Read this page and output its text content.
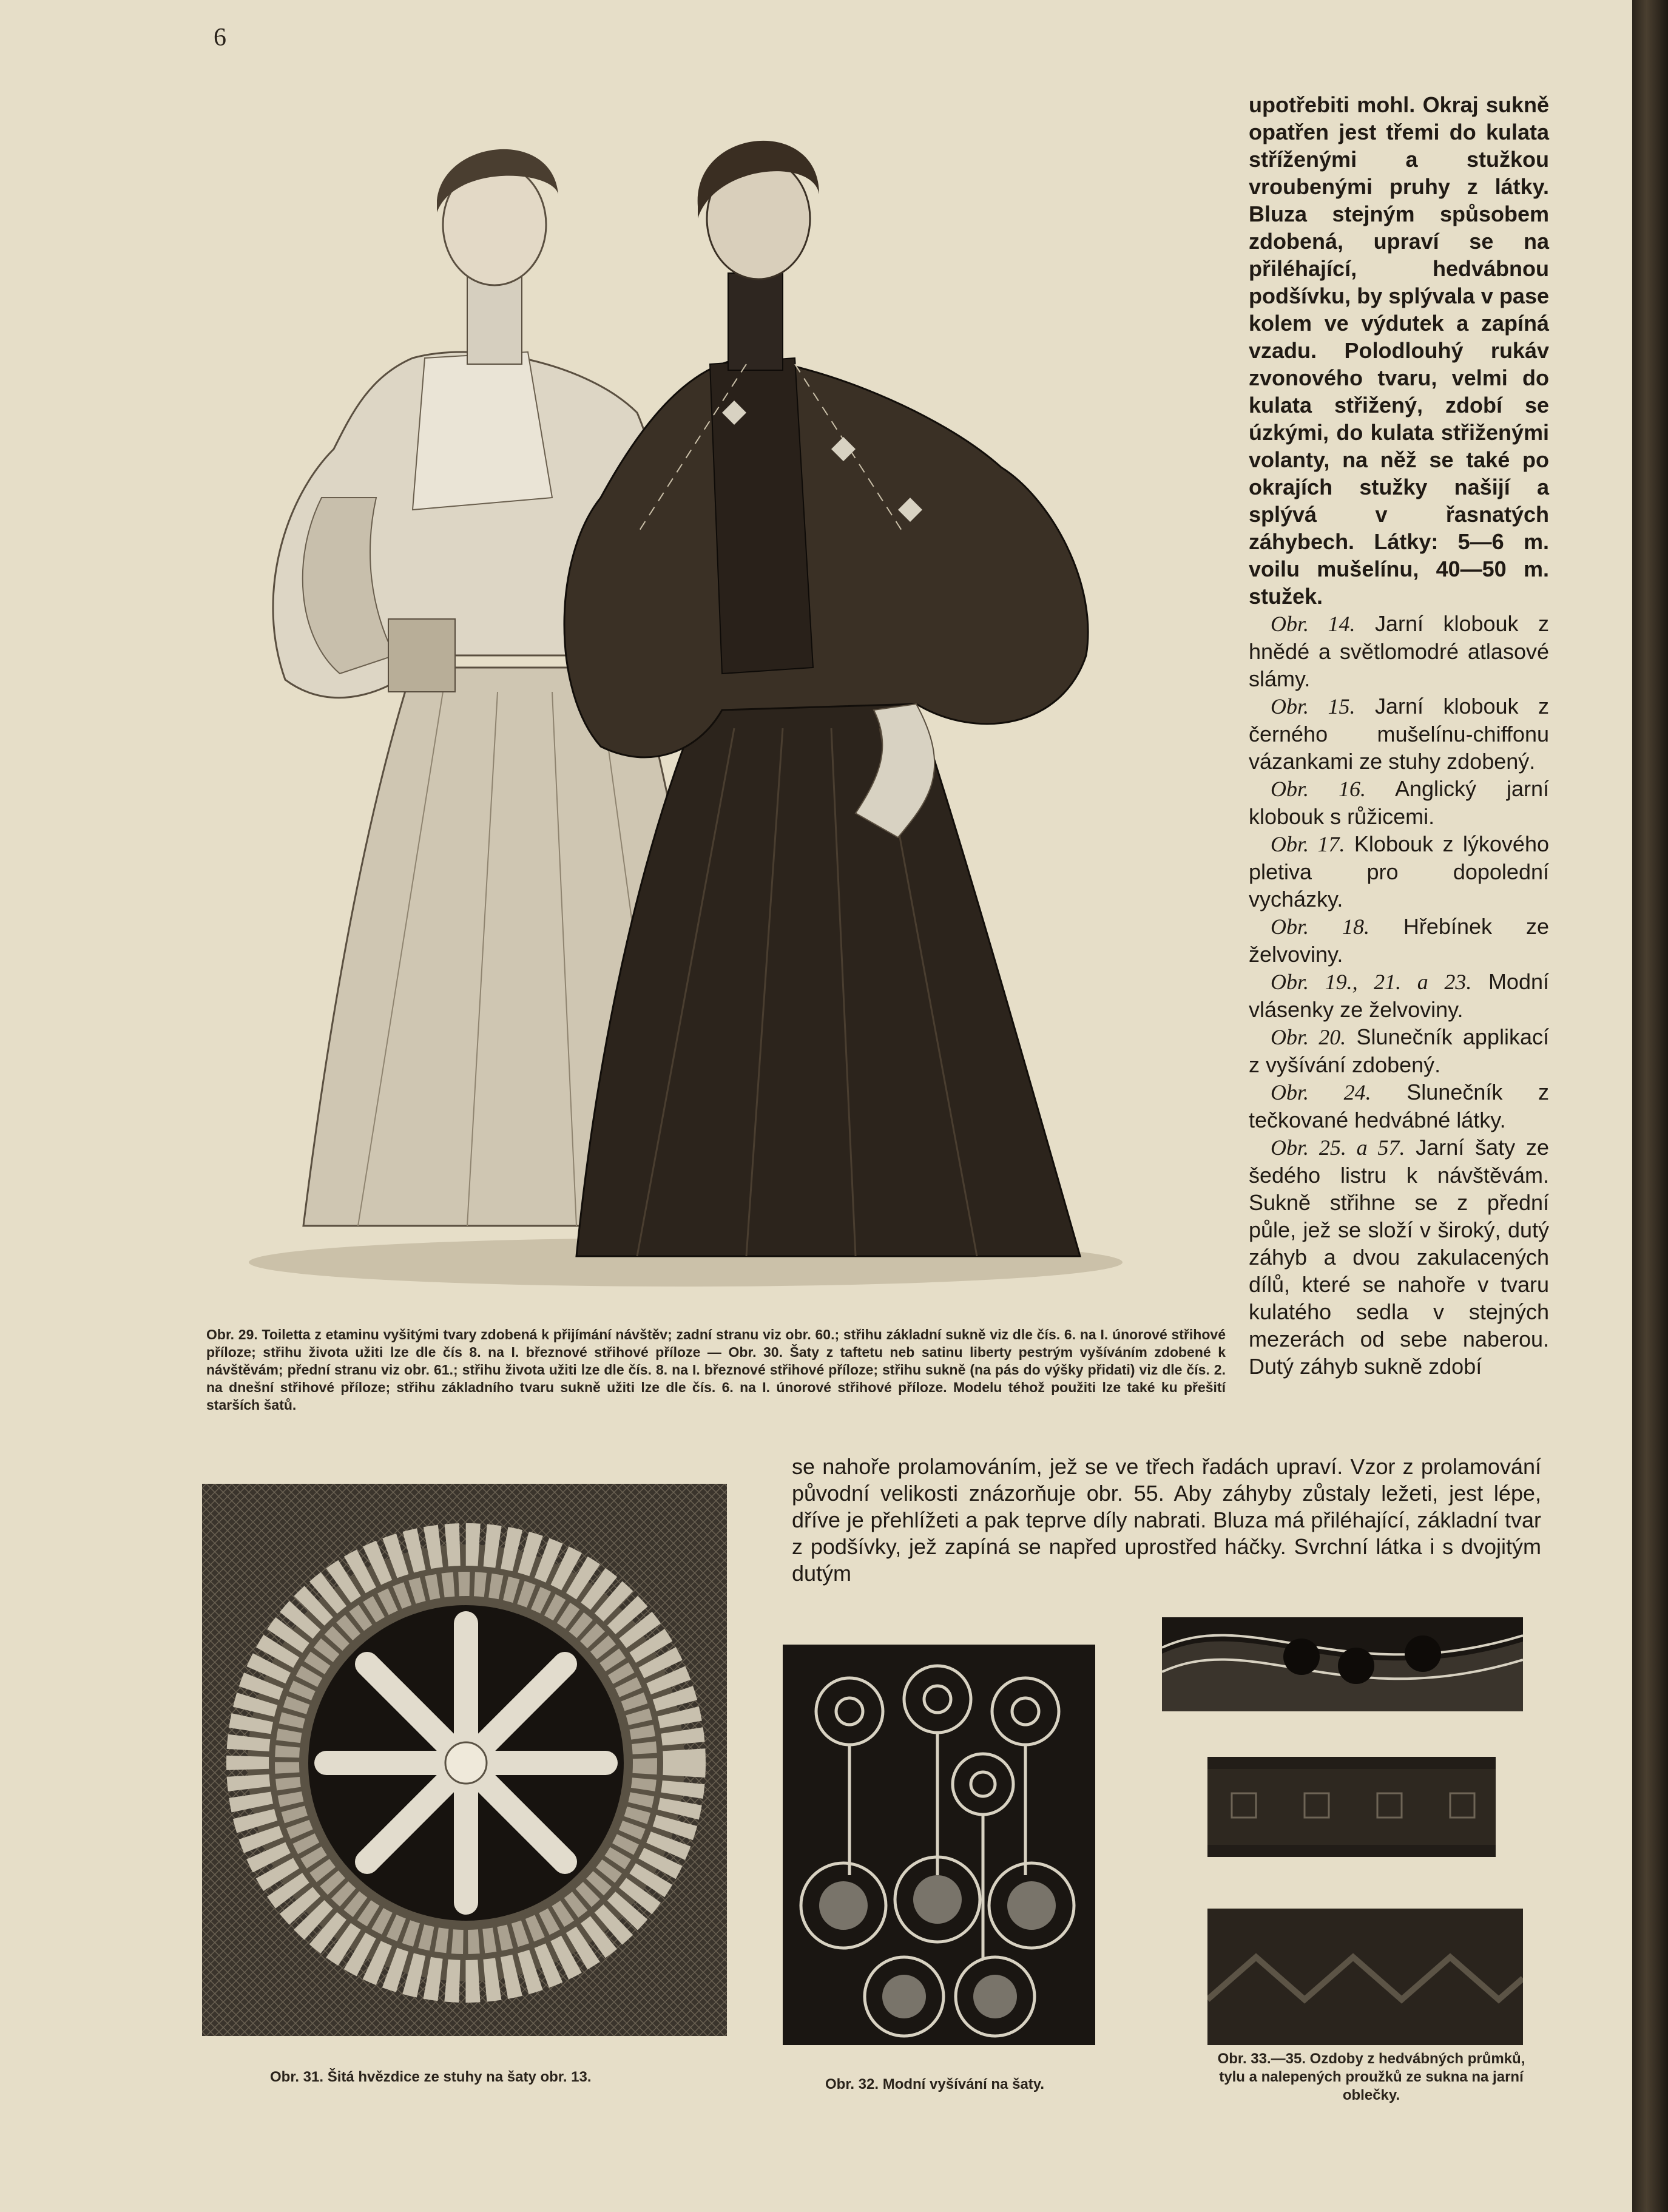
6
Obr. 29. Toiletta z etaminu vyšitými tvary zdobená k přijímání návštěv; zadní stranu viz obr. 60.; střihu základní sukně viz dle čís. 6. na I. únorové střihové příloze; střihu života užiti lze dle čís 8. na I. březnové střihové příloze — Obr. 30. Šaty z taftetu neb satinu liberty pestrým vyšíváním zdobené k návštěvám; přední stranu viz obr. 61.; střihu života užiti lze dle čís. 8. na I. březnové střihové příloze; střihu sukně (na pás do výšky přidati) viz dle čís. 2. na dnešní střihové příloze; střihu základního tvaru sukně užiti lze dle čís. 6. na I. únorové střihové příloze. Modelu téhož použiti lze také ku přešití starších šatů.

upotřebiti mohl. Okraj sukně opatřen jest třemi do kulata stříženými a stužkou vroubenými pruhy z látky. Bluza stejným spůsobem zdobená, upraví se na přiléhající, hedvábnou podšívku, by splývala v pase kolem ve výdutek a zapíná vzadu. Polodlouhý rukáv zvonového tvaru, velmi do kulata střižený, zdobí se úzkými, do kulata střiženými volanty, na něž se také po okrajích stužky našijí a splývá v řasnatých záhybech. Látky: 5—6 m. voilu mušelínu, 40—50 m. stužek.

 Obr. 14. Jarní klobouk z hnědé a světlomodré atlasové slámy.

 Obr. 15. Jarní klobouk z černého mušelínu-chiffonu vázankami ze stuhy zdobený.

 Obr. 16. Anglický jarní klobouk s růžicemi.

 Obr. 17. Klobouk z lýkového pletiva pro dopolední vycházky.

 Obr. 18. Hřebínek ze želvoviny.

 Obr. 19., 21. a 23. Modní vlásenky ze želvoviny.

 Obr. 20. Slunečník applikací z vyšívání zdobený.

 Obr. 24. Slunečník z tečkované hedvábné látky.

 Obr. 25. a 57. Jarní šaty ze šedého listru k návštěvám. Sukně střihne se z přední půle, jež se složí v široký, dutý záhyb a dvou zakulacených dílů, které se nahoře v tvaru kulatého sedla v stejných mezerách od sebe naberou. Dutý záhyb sukně zdobí

se nahoře prolamováním, jež se ve třech řadách upraví. Vzor z prolamování původní velikosti znázorňuje obr. 55. Aby záhyby zůstaly ležeti, jest lépe, dříve je přehlížeti a pak teprve díly nabrati. Bluza má přiléhající, základní tvar z podšívky, jež zapíná se napřed uprostřed háčky. Svrchní látka i s dvojitým dutým

Obr. 31. Šitá hvězdice ze stuhy na šaty obr. 13.	Obr. 32. Modní vyšívání na šaty.
Obr. 33.—35. Ozdoby z hedvábných průmků, tylu a nalepených proužků ze sukna na jarní oblečky.
